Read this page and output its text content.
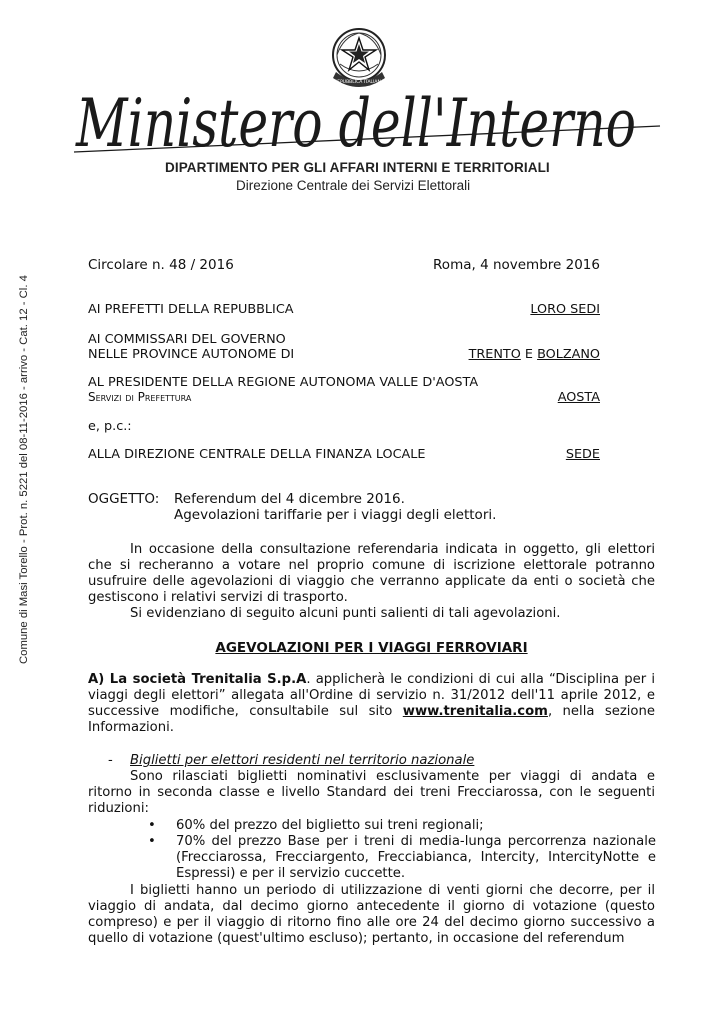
REPUBBLICA ITALIANA
Ministero dell'Interno
DIPARTIMENTO PER GLI AFFARI INTERNI E TERRITORIALI
Direzione Centrale dei Servizi Elettorali
Comune di Masi Torello - Prot. n. 5221 del 08-11-2016 - arrivo - Cat. 12 - Cl. 4
Circolare n. 48 / 2016	Roma, 4 novembre 2016
AI PREFETTI DELLA REPUBBLICA	LORO SEDI
AI COMMISSARI DEL GOVERNO
NELLE PROVINCE AUTONOME DI	TRENTO E BOLZANO
AL PRESIDENTE DELLA REGIONE AUTONOMA VALLE D'AOSTA
Servizi di Prefettura	AOSTA
e, p.c.:
ALLA DIREZIONE CENTRALE DELLA FINANZA LOCALE	SEDE
OGGETTO: Referendum del 4 dicembre 2016.
Agevolazioni tariffarie per i viaggi degli elettori.
In occasione della consultazione referendaria indicata in oggetto, gli elettori che si recheranno a votare nel proprio comune di iscrizione elettorale potranno usufruire delle agevolazioni di viaggio che verranno applicate da enti o società che gestiscono i relativi servizi di trasporto.
Si evidenziano di seguito alcuni punti salienti di tali agevolazioni.
AGEVOLAZIONI PER I VIAGGI FERROVIARI
A) La società Trenitalia S.p.A. applicherà le condizioni di cui alla “Disciplina per i viaggi degli elettori” allegata all'Ordine di servizio n. 31/2012 dell'11 aprile 2012, e successive modifiche, consultabile sul sito www.trenitalia.com, nella sezione Informazioni.
- Biglietti per elettori residenti nel territorio nazionale
Sono rilasciati biglietti nominativi esclusivamente per viaggi di andata e ritorno in seconda classe e livello Standard dei treni Frecciarossa, con le seguenti riduzioni:
• 60% del prezzo del biglietto sui treni regionali;
• 70% del prezzo Base per i treni di media-lunga percorrenza nazionale (Frecciarossa, Frecciargento, Frecciabianca, Intercity, IntercityNotte e Espressi) e per il servizio cuccette.
I biglietti hanno un periodo di utilizzazione di venti giorni che decorre, per il viaggio di andata, dal decimo giorno antecedente il giorno di votazione (questo compreso) e per il viaggio di ritorno fino alle ore 24 del decimo giorno successivo a quello di votazione (quest'ultimo escluso); pertanto, in occasione del referendum
